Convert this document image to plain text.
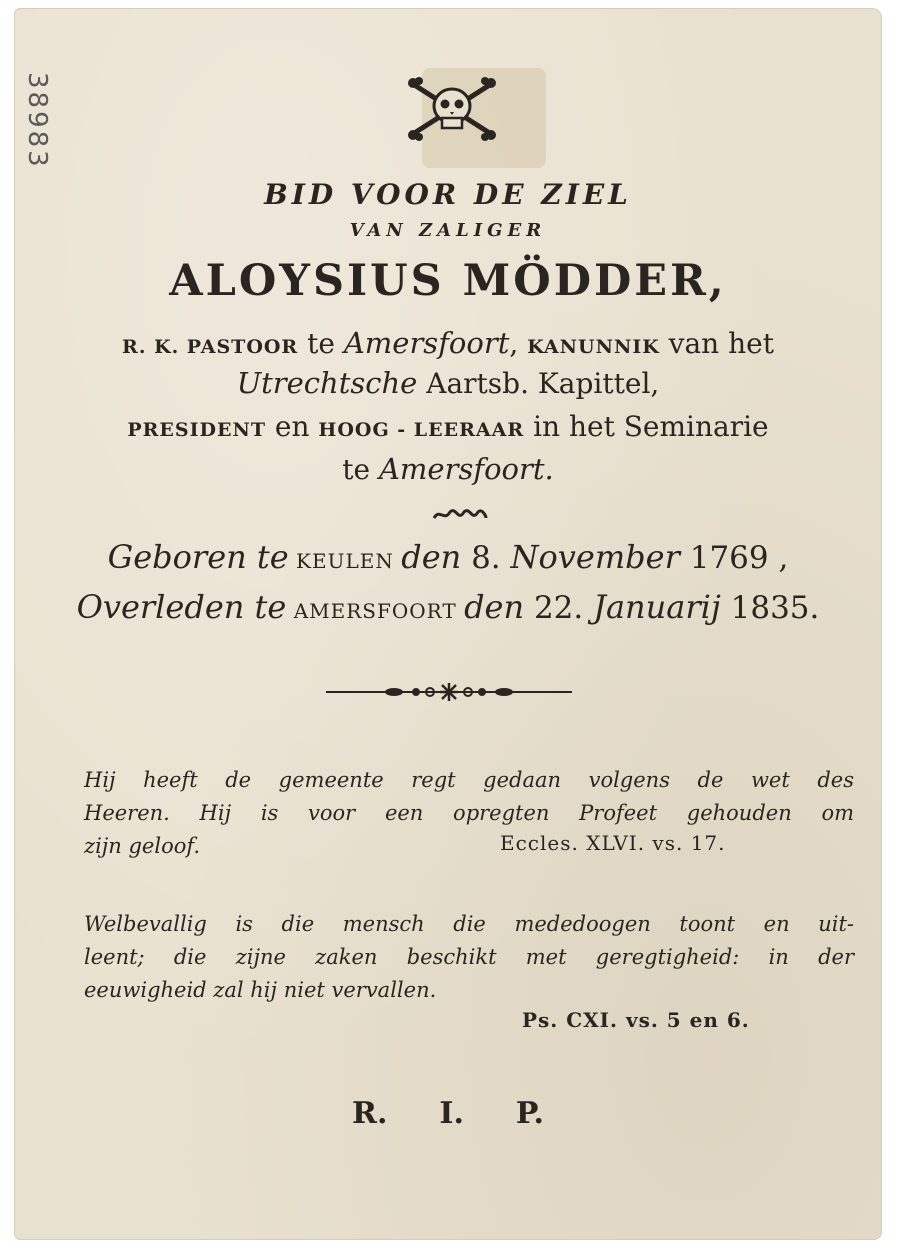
38983
BID VOOR DE ZIEL
VAN ZALIGER
ALOYSIUS MÖDDER,
R. K. PASTOOR te Amersfoort, KANUNNIK van het
Utrechtsche Aartsb. Kapittel,
PRESIDENT en HOOG - LEERAAR in het Seminarie
te Amersfoort.
Geboren te KEULEN den 8. November 1769 ,
Overleden te AMERSFOORT den 22. Januarij 1835.
Hij heeft de gemeente regt gedaan volgens de wet des
Heeren. Hij is voor een opregten Profeet gehouden om
zijn geloof.	Eccles. XLVI. vs. 17.
Welbevallig is die mensch die mededoogen toont en uit-
leent; die zijne zaken beschikt met geregtigheid: in der
eeuwigheid zal hij niet vervallen.
Ps. CXI. vs. 5 en 6.
R. I. P.
